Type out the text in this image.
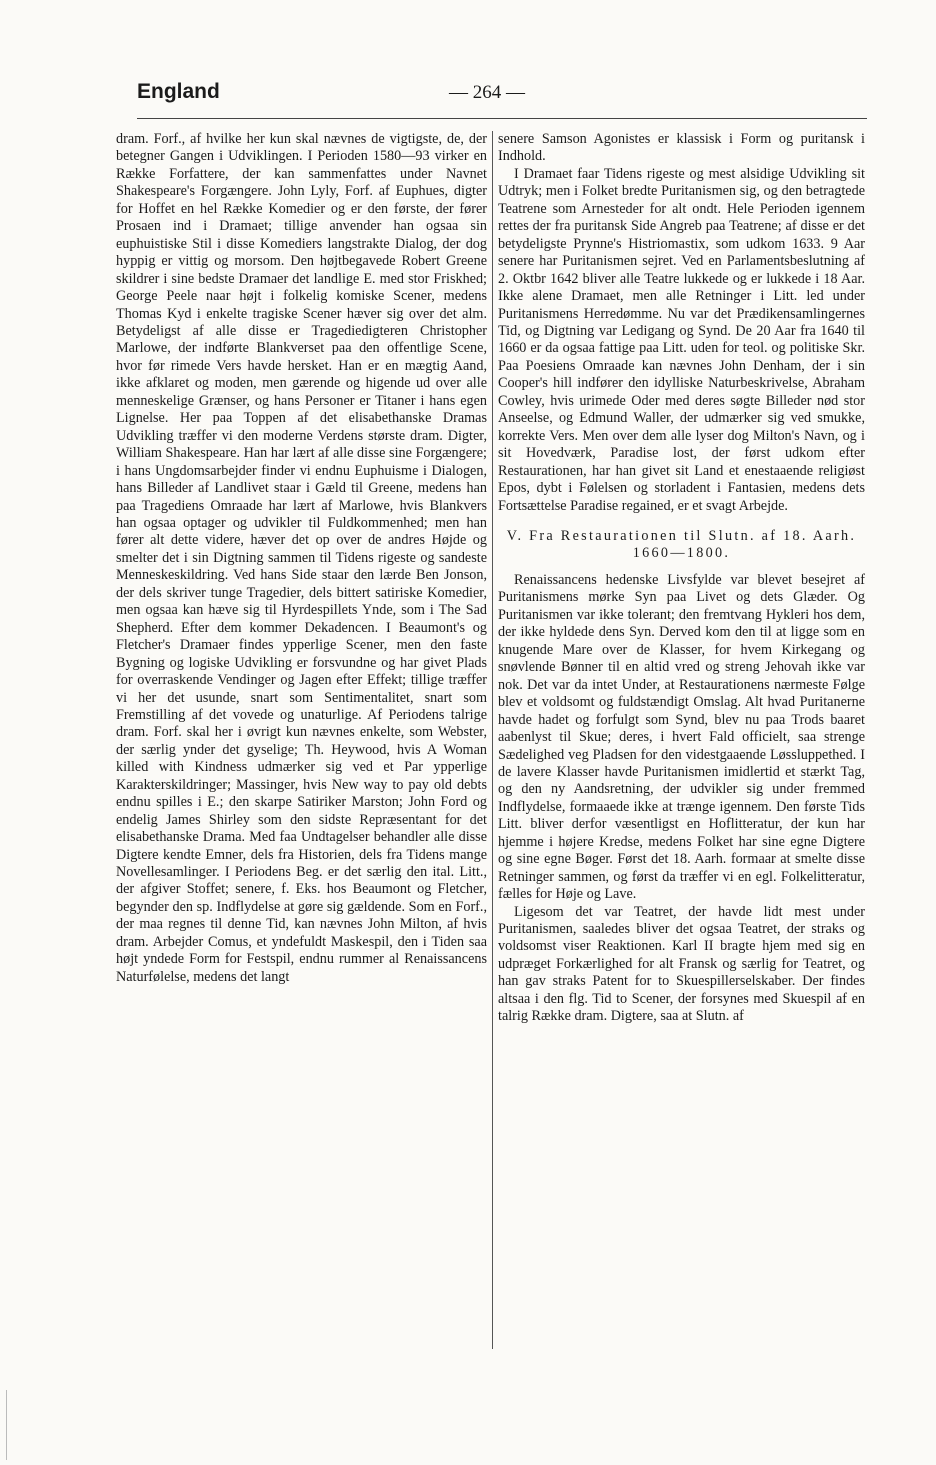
England	— 264 —

dram. Forf., af hvilke her kun skal nævnes de vigtigste, de, der betegner Gangen i Udviklingen. I Perioden 1580—93 virker en Række Forfattere, der kan sammenfattes under Navnet Shakespeare's Forgængere. John Lyly, Forf. af Euphues, digter for Hoffet en hel Række Komedier og er den første, der fører Prosaen ind i Dramaet; tillige anvender han ogsaa sin euphuistiske Stil i disse Komediers langstrakte Dialog, der dog hyppig er vittig og morsom. Den højtbegavede Robert Greene skildrer i sine bedste Dramaer det landlige E. med stor Friskhed; George Peele naar højt i folkelig komiske Scener, medens Thomas Kyd i enkelte tragiske Scener hæver sig over det alm. Betydeligst af alle disse er Tragediedigteren Christopher Marlowe, der indførte Blankverset paa den offentlige Scene, hvor før rimede Vers havde hersket. Han er en mægtig Aand, ikke afklaret og moden, men gærende og higende ud over alle menneskelige Grænser, og hans Personer er Titaner i hans egen Lignelse. Her paa Toppen af det elisabethanske Dramas Udvikling træffer vi den moderne Verdens største dram. Digter, William Shakespeare. Han har lært af alle disse sine Forgængere; i hans Ungdomsarbejder finder vi endnu Euphuisme i Dialogen, hans Billeder af Landlivet staar i Gæld til Greene, medens han paa Tragediens Omraade har lært af Marlowe, hvis Blankvers han ogsaa optager og udvikler til Fuldkommenhed; men han fører alt dette videre, hæver det op over de andres Højde og smelter det i sin Digtning sammen til Tidens rigeste og sandeste Menneskeskildring. Ved hans Side staar den lærde Ben Jonson, der dels skriver tunge Tragedier, dels bittert satiriske Komedier, men ogsaa kan hæve sig til Hyrdespillets Ynde, som i The Sad Shepherd. Efter dem kommer Dekadencen. I Beaumont's og Fletcher's Dramaer findes ypperlige Scener, men den faste Bygning og logiske Udvikling er forsvundne og har givet Plads for overraskende Vendinger og Jagen efter Effekt; tillige træffer vi her det usunde, snart som Sentimentalitet, snart som Fremstilling af det vovede og unaturlige. Af Periodens talrige dram. Forf. skal her i øvrigt kun nævnes enkelte, som Webster, der særlig ynder det gyselige; Th. Heywood, hvis A Woman killed with Kindness udmærker sig ved et Par ypperlige Karakterskildringer; Massinger, hvis New way to pay old debts endnu spilles i E.; den skarpe Satiriker Marston; John Ford og endelig James Shirley som den sidste Repræsentant for det elisabethanske Drama. Med faa Undtagelser behandler alle disse Digtere kendte Emner, dels fra Historien, dels fra Tidens mange Novellesamlinger. I Periodens Beg. er det særlig den ital. Litt., der afgiver Stoffet; senere, f. Eks. hos Beaumont og Fletcher, begynder den sp. Indflydelse at gøre sig gældende. Som en Forf., der maa regnes til denne Tid, kan nævnes John Milton, af hvis dram. Arbejder Comus, et yndefuldt Maskespil, den i Tiden saa højt yndede Form for Festspil, endnu rummer al Renaissancens Naturfølelse, medens det langt

senere Samson Agonistes er klassisk i Form og puritansk i Indhold.

I Dramaet faar Tidens rigeste og mest alsidige Udvikling sit Udtryk; men i Folket bredte Puritanismen sig, og den betragtede Teatrene som Arnesteder for alt ondt. Hele Perioden igennem rettes der fra puritansk Side Angreb paa Teatrene; af disse er det betydeligste Prynne's Histriomastix, som udkom 1633. 9 Aar senere har Puritanismen sejret. Ved en Parlamentsbeslutning af 2. Oktbr 1642 bliver alle Teatre lukkede og er lukkede i 18 Aar. Ikke alene Dramaet, men alle Retninger i Litt. led under Puritanismens Herredømme. Nu var det Prædikensamlingernes Tid, og Digtning var Ledigang og Synd. De 20 Aar fra 1640 til 1660 er da ogsaa fattige paa Litt. uden for teol. og politiske Skr. Paa Poesiens Omraade kan nævnes John Denham, der i sin Cooper's hill indfører den idylliske Naturbeskrivelse, Abraham Cowley, hvis urimede Oder med deres søgte Billeder nød stor Anseelse, og Edmund Waller, der udmærker sig ved smukke, korrekte Vers. Men over dem alle lyser dog Milton's Navn, og i sit Hovedværk, Paradise lost, der først udkom efter Restaurationen, har han givet sit Land et enestaaende religiøst Epos, dybt i Følelsen og storladent i Fantasien, medens dets Fortsættelse Paradise regained, er et svagt Arbejde.

V. Fra Restaurationen til Slutn. af 18. Aarh. 1660—1800.

Renaissancens hedenske Livsfylde var blevet besejret af Puritanismens mørke Syn paa Livet og dets Glæder. Og Puritanismen var ikke tolerant; den fremtvang Hykleri hos dem, der ikke hyldede dens Syn. Derved kom den til at ligge som en knugende Mare over de Klasser, for hvem Kirkegang og snøvlende Bønner til en altid vred og streng Jehovah ikke var nok. Det var da intet Under, at Restaurationens nærmeste Følge blev et voldsomt og fuldstændigt Omslag. Alt hvad Puritanerne havde hadet og forfulgt som Synd, blev nu paa Trods baaret aabenlyst til Skue; deres, i hvert Fald officielt, saa strenge Sædelighed veg Pladsen for den videstgaaende Løssluppethed. I de lavere Klasser havde Puritanismen imidlertid et stærkt Tag, og den ny Aandsretning, der udvikler sig under fremmed Indflydelse, formaaede ikke at trænge igennem. Den første Tids Litt. bliver derfor væsentligst en Hoflitteratur, der kun har hjemme i højere Kredse, medens Folket har sine egne Digtere og sine egne Bøger. Først det 18. Aarh. formaar at smelte disse Retninger sammen, og først da træffer vi en egl. Folkelitteratur, fælles for Høje og Lave.

Ligesom det var Teatret, der havde lidt mest under Puritanismen, saaledes bliver det ogsaa Teatret, der straks og voldsomst viser Reaktionen. Karl II bragte hjem med sig en udpræget Forkærlighed for alt Fransk og særlig for Teatret, og han gav straks Patent for to Skuespillerselskaber. Der findes altsaa i den flg. Tid to Scener, der forsynes med Skuespil af en talrig Række dram. Digtere, saa at Slutn. af
